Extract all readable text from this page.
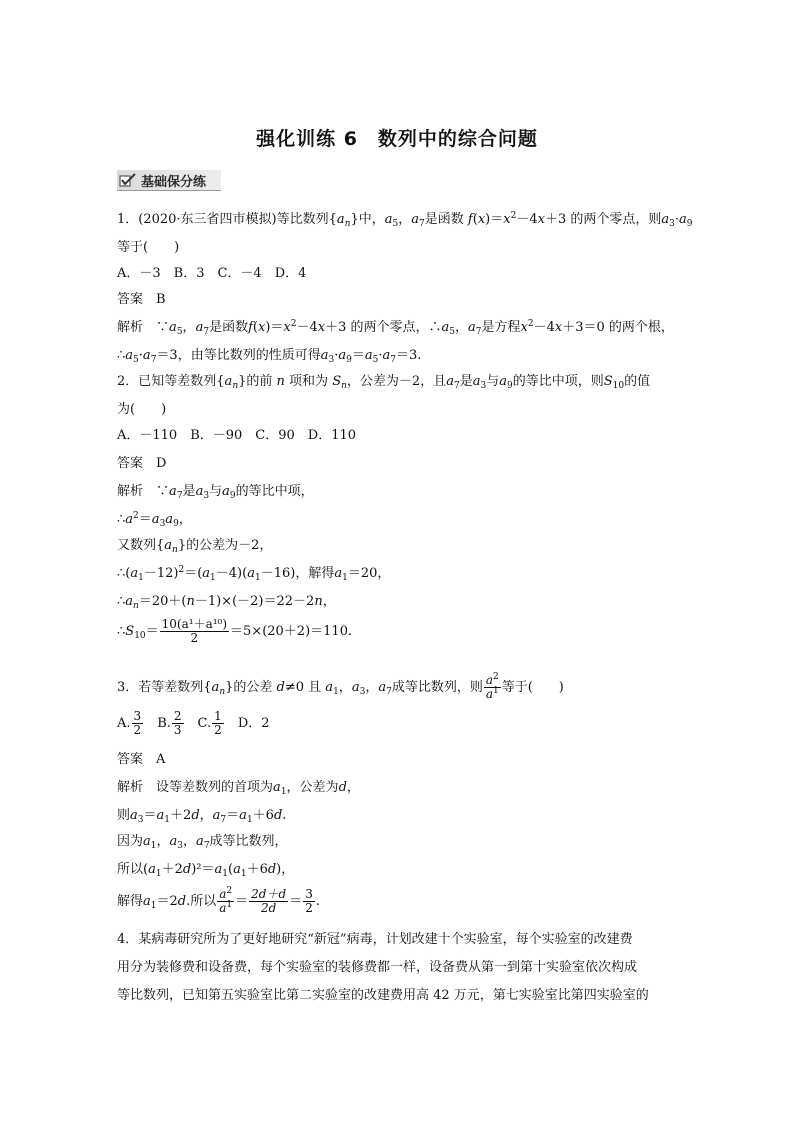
强化训练 6　数列中的综合问题
基础保分练
1．(2020·东三省四市模拟)等比数列$\{a_n\}$中，$a_5$，$a_7$是函数 $f(x)=x^2-4x+3$ 的两个零点，则$a_3\cdot a_9$
等于(　　)
A．－3　B．3　C．－4　D．4
答案　 B
解析　 $\because a_5$，$a_7$是函数$f(x)=x^2-4x+3$ 的两个零点，$\therefore a_5$，$a_7$是方程$x^2-4x+3=0$ 的两个根，
$\therefore a_5\cdot a_7=3$，由等比数列的性质可得$a_3\cdot a_9=a_5\cdot a_7=3$.
2．已知等差数列$\{a_n\}$的前 n 项和为 $S_n$，公差为－2，且$a_7$是$a_3$与$a_9$的等比中项，则$S_{10}$的值
为(　　)
A．－110　B．－90　C．90　D．110
答案　 D
解析　 $\because a_7$是$a_3$与$a_9$的等比中项，
$\therefore a^2=a_3a_9$，
又数列$\{a_n\}$的公差为－2，
$\therefore(a_1-12)^2=(a_1-4)(a_1-16)$，解得$a_1=20$，
$\therefore a_n=20+(n-1)\times(-2)=22-2n$，
$\therefore S_{10}= \frac{\text{10(a¹＋a¹⁰)}}{2} =5\times(20+2)=110$.
3．若等差数列$\{a_n\}$的公差 d≠0 且 $a_1$，$a_3$，$a_7$成等比数列，则 $\frac{a^2}{a^1}$ 等于(　　)
A. $\frac{3}{2}$
　 B. $\frac{2}{3}$
　 C. $\frac{1}{2}$
　 D．2
答案　 A
解析　 设等差数列的首项为$a_1$，公差为d，
则$a_3=a_1+2d$，$a_7=a_1+6d$.
因为$a_1$，$a_3$，$a_7$成等比数列，
所以$(a_1+2d)^2=a_1(a_1+6d)$，
解得$a_1=2d$.所以 $\frac{a^2}{a^1} = \frac{2d+d}{2d} = \frac{3}{2}$ .
4．某病毒研究所为了更好地研究“新冠”病毒，计划改建十个实验室，每个实验室的改建费
用分为装修费和设备费，每个实验室的装修费都一样，设备费从第一到第十实验室依次构成
等比数列，已知第五实验室比第二实验室的改建费用高 42 万元，第七实验室比第四实验室的
